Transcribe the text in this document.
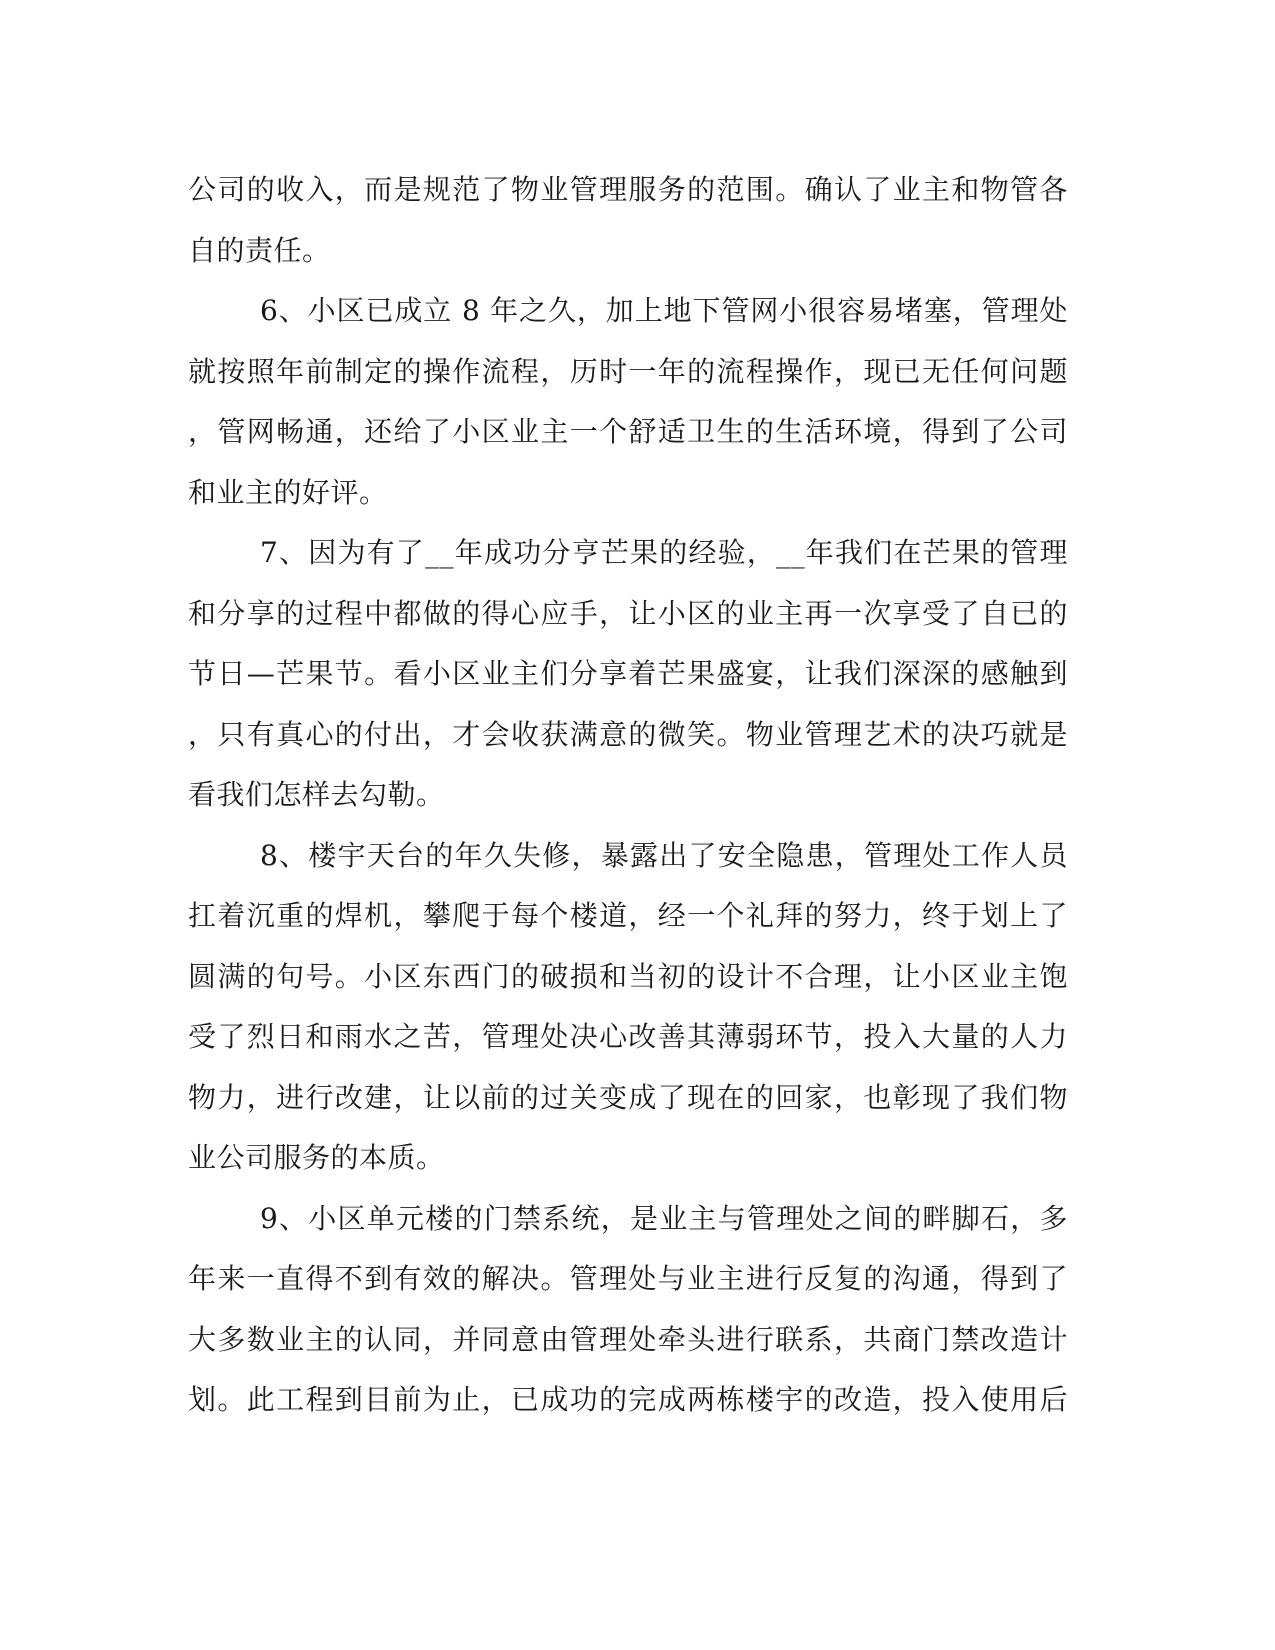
公司的收入，而是规范了物业管理服务的范围。确认了业主和物管各
自的责任。
6、小区已成立 8 年之久，加上地下管网小很容易堵塞，管理处
就按照年前制定的操作流程，历时一年的流程操作，现已无任何问题
，管网畅通，还给了小区业主一个舒适卫生的生活环境，得到了公司
和业主的好评。
7、因为有了__年成功分亨芒果的经验，__年我们在芒果的管理
和分享的过程中都做的得心应手，让小区的业主再一次享受了自已的
节日—芒果节。看小区业主们分享着芒果盛宴，让我们深深的感触到
，只有真心的付出，才会收获满意的微笑。物业管理艺术的决巧就是
看我们怎样去勾勒。
8、楼宇天台的年久失修，暴露出了安全隐患，管理处工作人员
扛着沉重的焊机，攀爬于每个楼道，经一个礼拜的努力，终于划上了
圆满的句号。小区东西门的破损和当初的设计不合理，让小区业主饱
受了烈日和雨水之苦，管理处决心改善其薄弱环节，投入大量的人力
物力，进行改建，让以前的过关变成了现在的回家，也彰现了我们物
业公司服务的本质。
9、小区单元楼的门禁系统，是业主与管理处之间的畔脚石，多
年来一直得不到有效的解决。管理处与业主进行反复的沟通，得到了
大多数业主的认同，并同意由管理处牵头进行联系，共商门禁改造计
划。此工程到目前为止，已成功的完成两栋楼宇的改造，投入使用后
